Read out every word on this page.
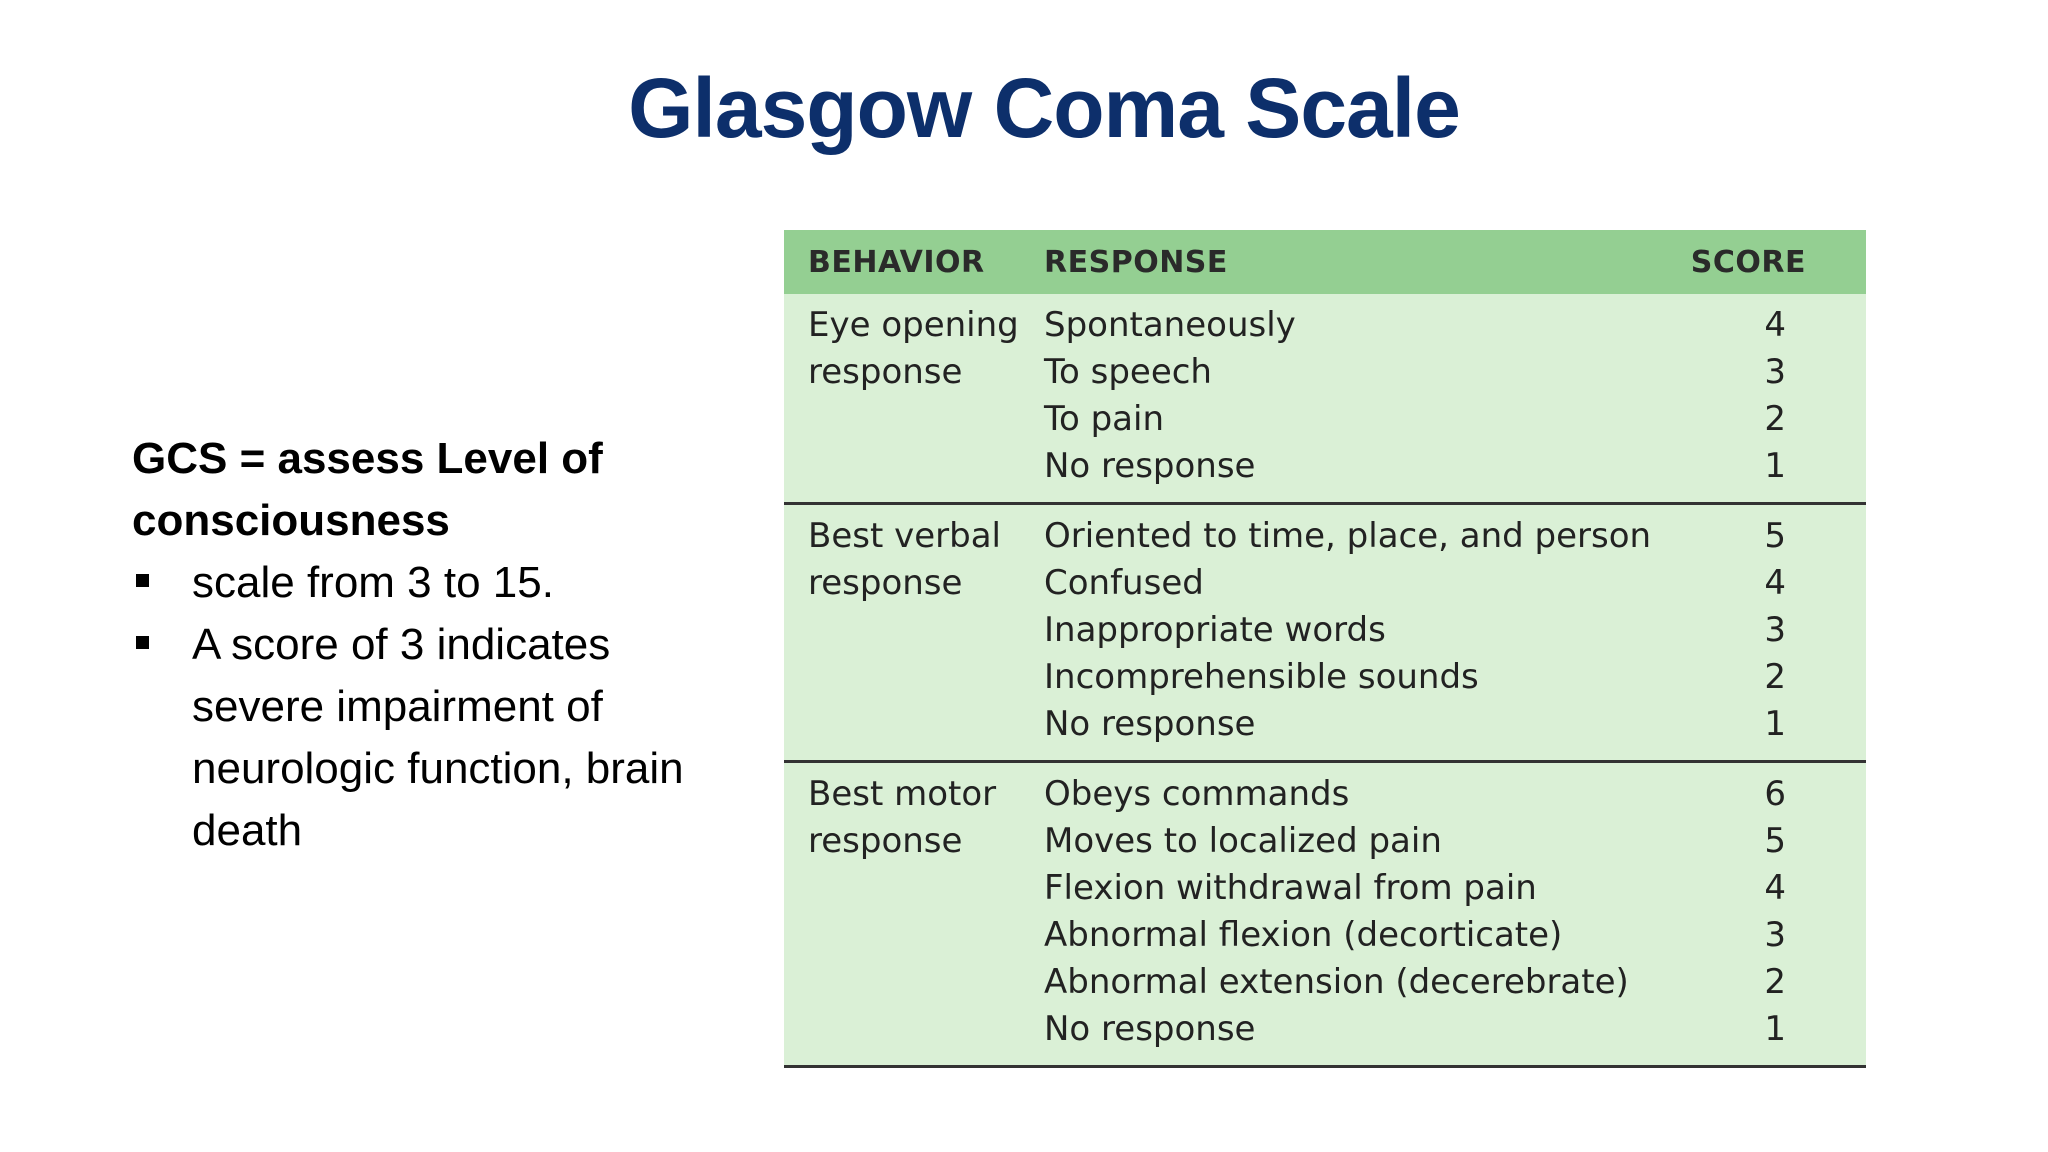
Glasgow Coma Scale
GCS = assess Level of
consciousness
scale from 3 to 15.
A score of 3 indicates severe impairment of neurologic function, brain death
BEHAVIOR	RESPONSE	SCORE
Eye opening
response
Spontaneously	4
To speech	3
To pain	2
No response	1
Best verbal
response
Oriented to time, place, and person	5
Confused	4
Inappropriate words	3
Incomprehensible sounds	2
No response	1
Best motor
response
Obeys commands	6
Moves to localized pain	5
Flexion withdrawal from pain	4
Abnormal flexion (decorticate)	3
Abnormal extension (decerebrate)	2
No response	1
